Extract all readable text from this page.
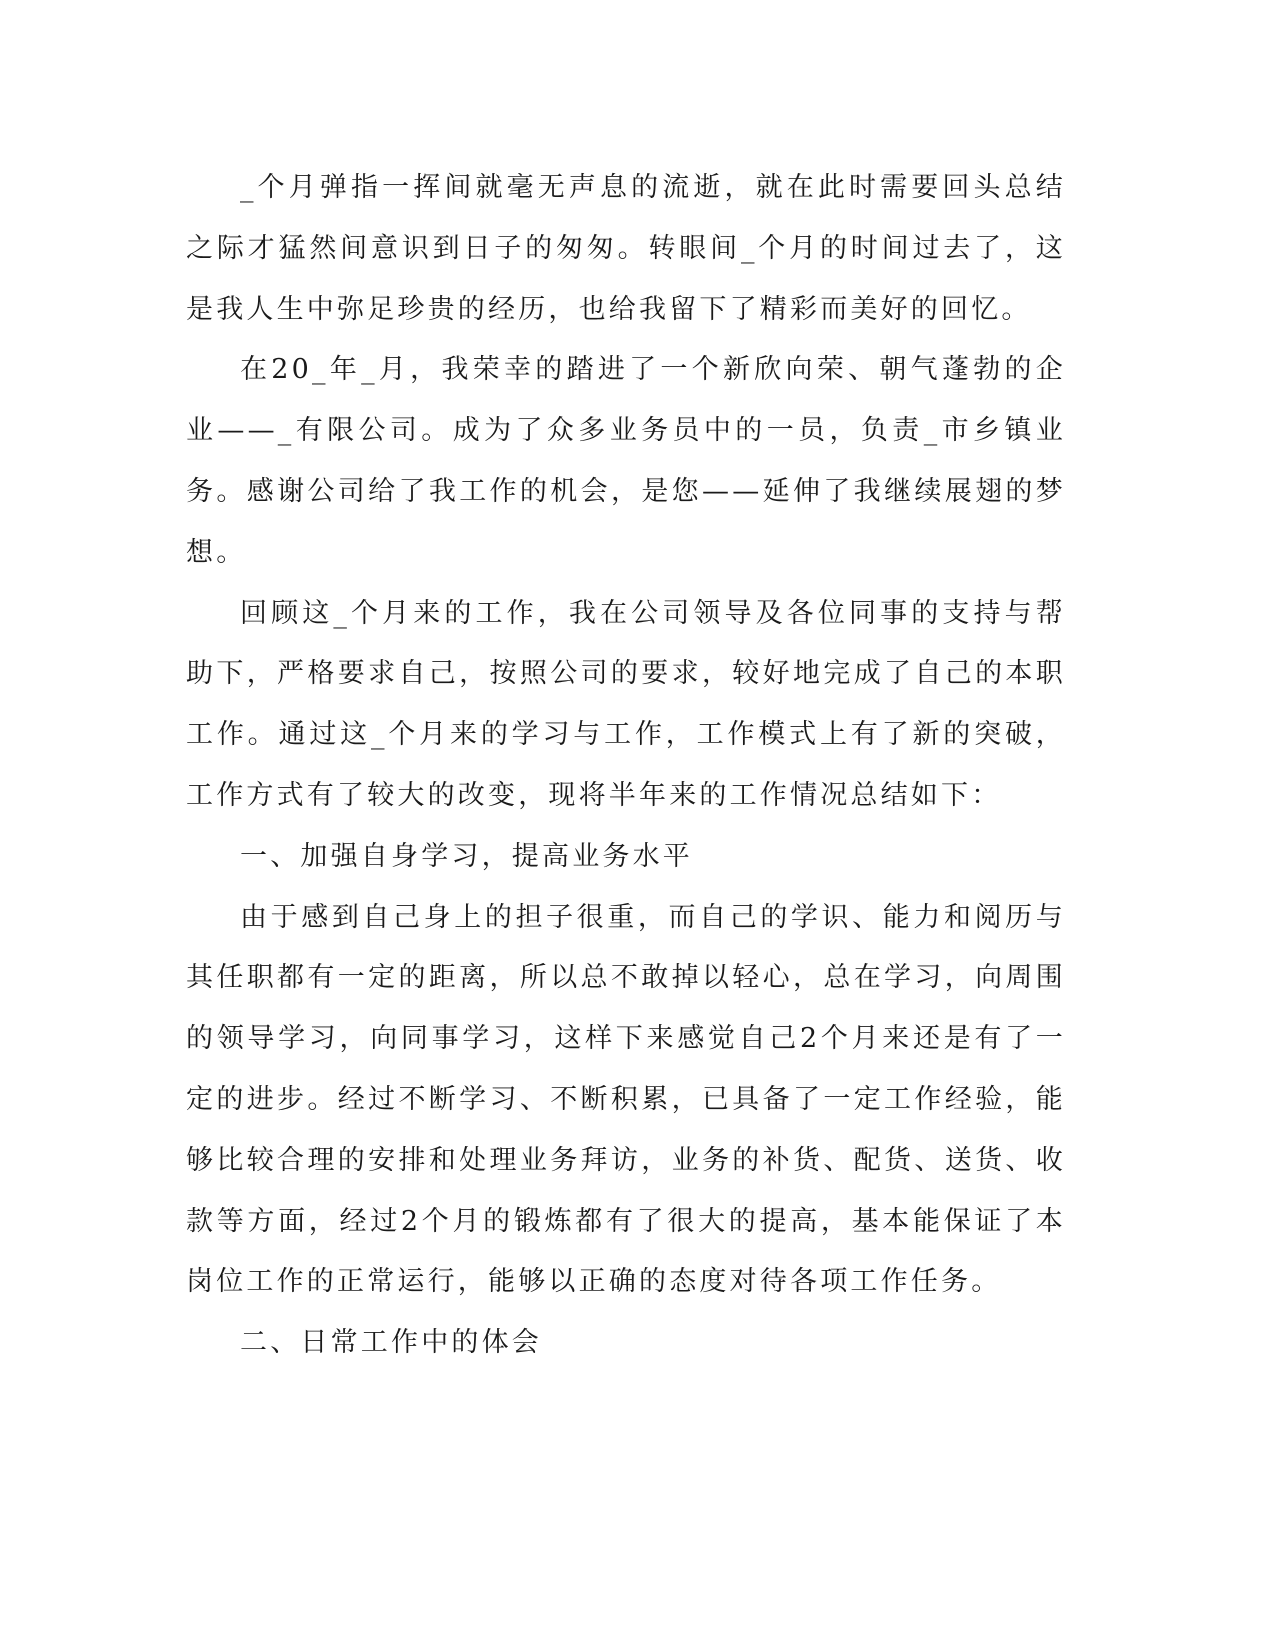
_个月弹指一挥间就毫无声息的流逝，就在此时需要回头总结之际才猛然间意识到日子的匆匆。转眼间_个月的时间过去了，这是我人生中弥足珍贵的经历，也给我留下了精彩而美好的回忆。

在20_年_月，我荣幸的踏进了一个新欣向荣、朝气蓬勃的企业——_有限公司。成为了众多业务员中的一员，负责_市乡镇业务。感谢公司给了我工作的机会，是您——延伸了我继续展翅的梦想。

回顾这_个月来的工作，我在公司领导及各位同事的支持与帮助下，严格要求自己，按照公司的要求，较好地完成了自己的本职工作。通过这_个月来的学习与工作，工作模式上有了新的突破，工作方式有了较大的改变，现将半年来的工作情况总结如下：

一、加强自身学习，提高业务水平

由于感到自己身上的担子很重，而自己的学识、能力和阅历与其任职都有一定的距离，所以总不敢掉以轻心，总在学习，向周围的领导学习，向同事学习，这样下来感觉自己2个月来还是有了一定的进步。经过不断学习、不断积累，已具备了一定工作经验，能够比较合理的安排和处理业务拜访，业务的补货、配货、送货、收款等方面，经过2个月的锻炼都有了很大的提高，基本能保证了本岗位工作的正常运行，能够以正确的态度对待各项工作任务。

二、日常工作中的体会
